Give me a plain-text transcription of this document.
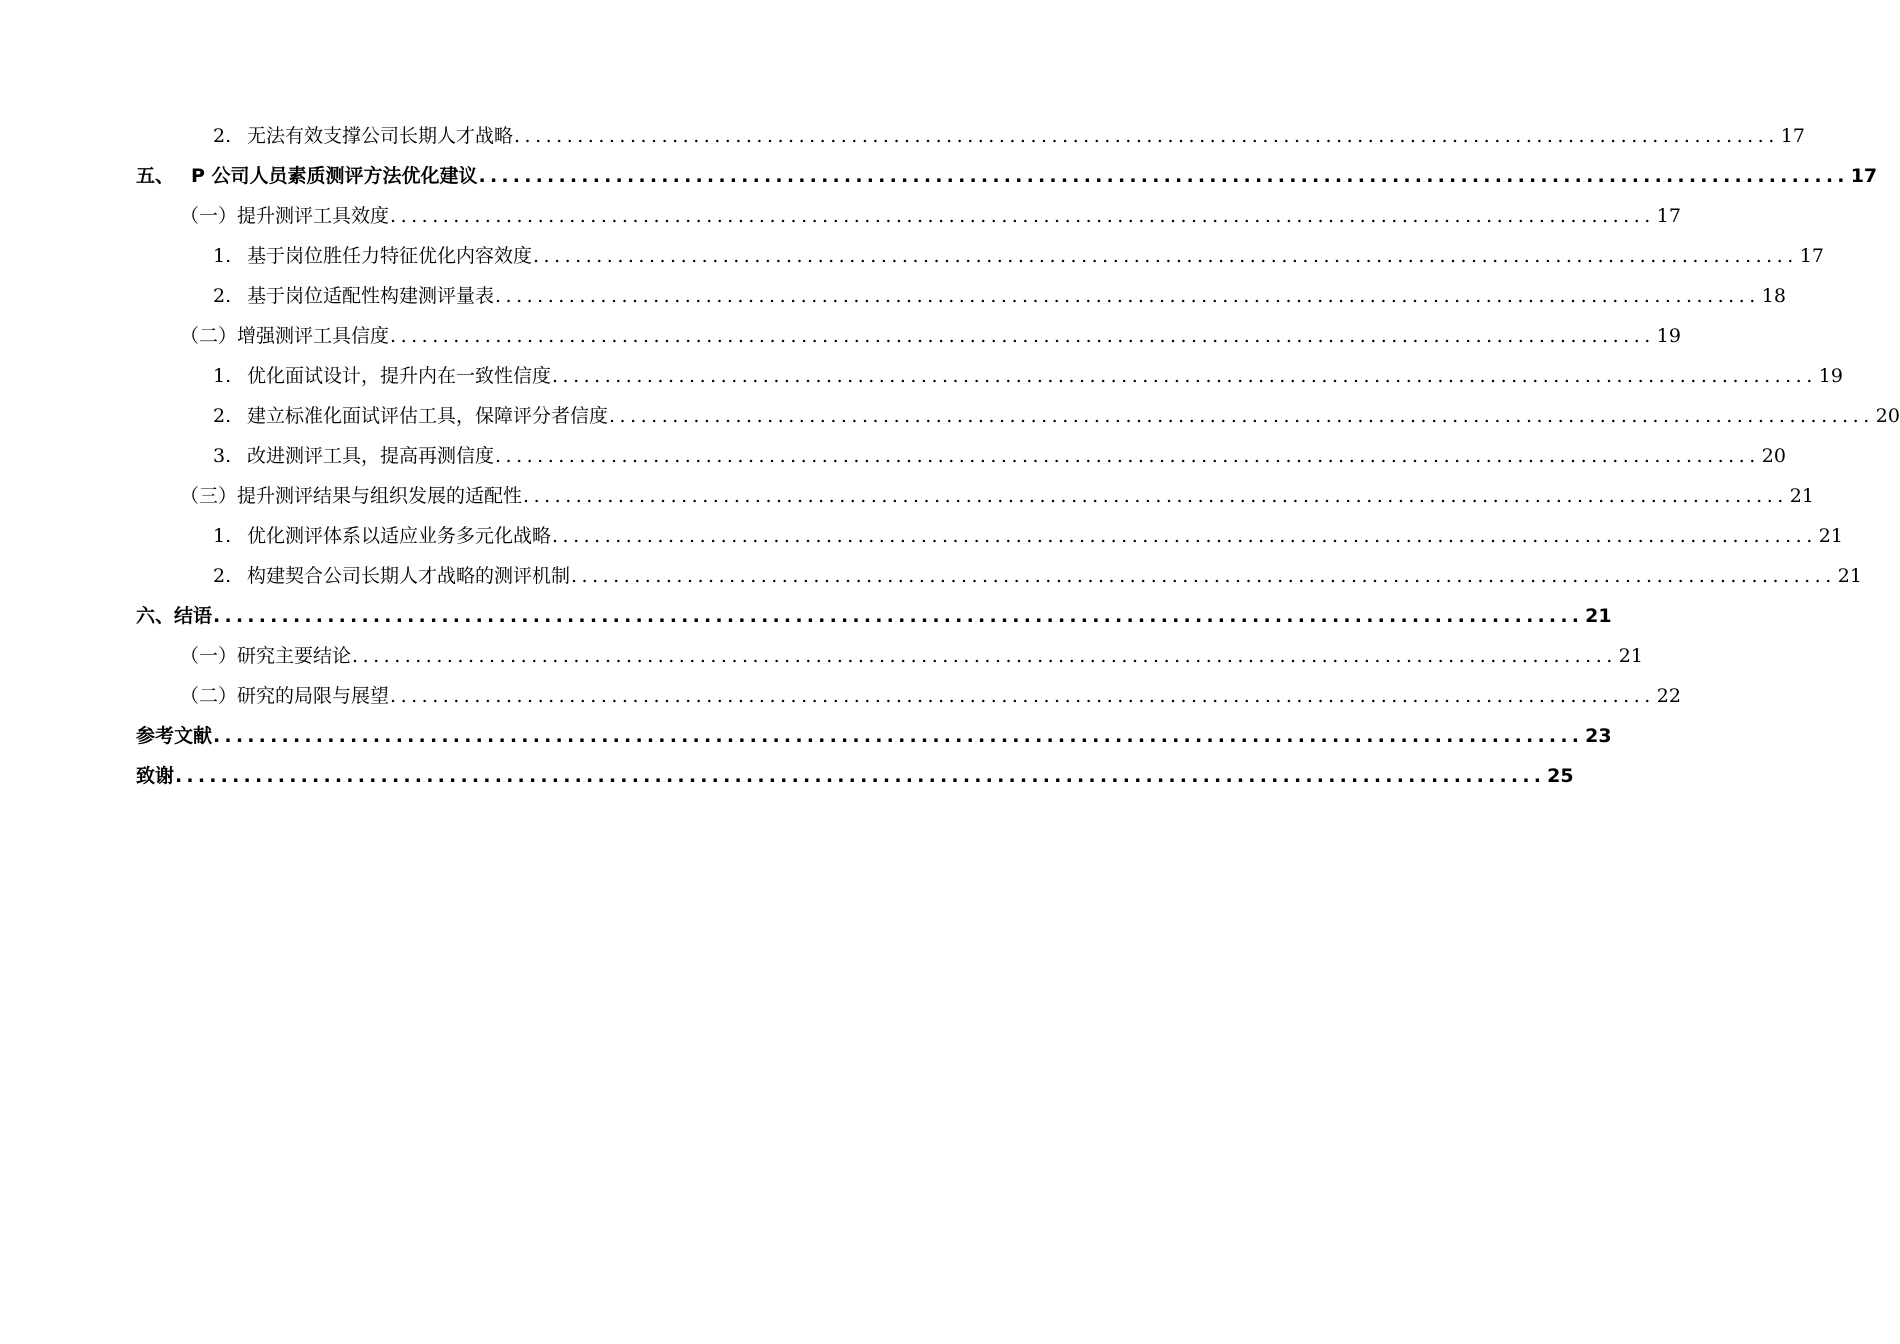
2. 无法有效支撑公司长期人才战略 ........................................................................................................................ 17
五、 P 公司人员素质测评方法优化建议 ........................................................................................................................ 17
（一）提升测评工具效度 ........................................................................................................................ 17
1. 基于岗位胜任力特征优化内容效度 ........................................................................................................................ 17
2. 基于岗位适配性构建测评量表 ........................................................................................................................ 18
（二）增强测评工具信度 ........................................................................................................................ 19
1. 优化面试设计，提升内在一致性信度 ........................................................................................................................ 19
2. 建立标准化面试评估工具，保障评分者信度 ........................................................................................................................ 20
3. 改进测评工具，提高再测信度 ........................................................................................................................ 20
（三）提升测评结果与组织发展的适配性 ........................................................................................................................ 21
1. 优化测评体系以适应业务多元化战略 ........................................................................................................................ 21
2. 构建契合公司长期人才战略的测评机制 ........................................................................................................................ 21
六、结语 ........................................................................................................................ 21
（一）研究主要结论 ........................................................................................................................ 21
（二）研究的局限与展望 ........................................................................................................................ 22
参考文献 ........................................................................................................................ 23
致谢 ........................................................................................................................ 25
